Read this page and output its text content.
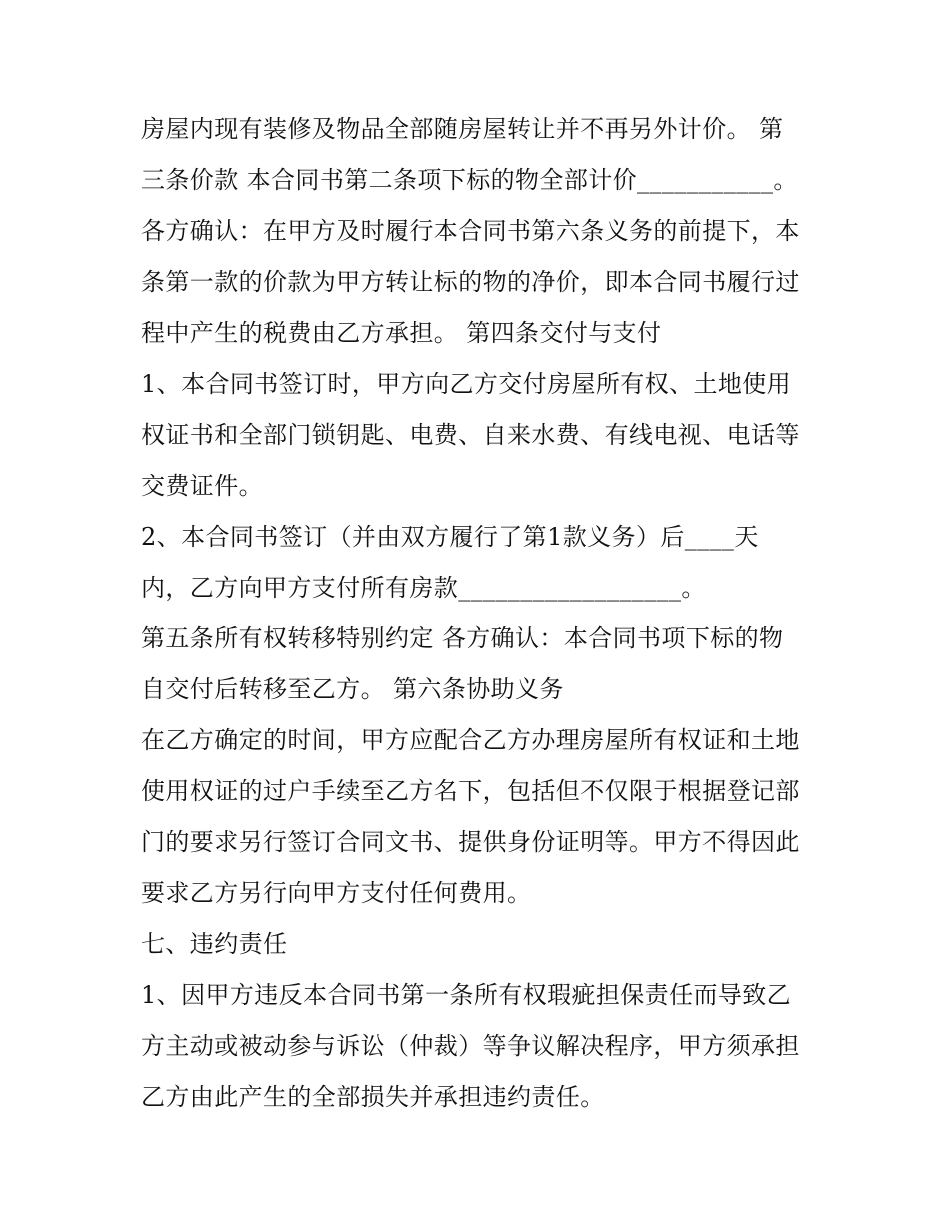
房屋内现有装修及物品全部随房屋转让并不再另外计价。 第
三条价款 本合同书第二条项下标的物全部计价___________。
各方确认：在甲方及时履行本合同书第六条义务的前提下，本
条第一款的价款为甲方转让标的物的净价，即本合同书履行过
程中产生的税费由乙方承担。 第四条交付与支付
1、本合同书签订时，甲方向乙方交付房屋所有权、土地使用
权证书和全部门锁钥匙、电费、自来水费、有线电视、电话等
交费证件。
2、本合同书签订（并由双方履行了第1款义务）后____天
内，乙方向甲方支付所有房款__________________。
第五条所有权转移特别约定 各方确认：本合同书项下标的物
自交付后转移至乙方。 第六条协助义务
在乙方确定的时间，甲方应配合乙方办理房屋所有权证和土地
使用权证的过户手续至乙方名下，包括但不仅限于根据登记部
门的要求另行签订合同文书、提供身份证明等。甲方不得因此
要求乙方另行向甲方支付任何费用。
七、违约责任
1、因甲方违反本合同书第一条所有权瑕疵担保责任而导致乙
方主动或被动参与诉讼（仲裁）等争议解决程序，甲方须承担
乙方由此产生的全部损失并承担违约责任。
